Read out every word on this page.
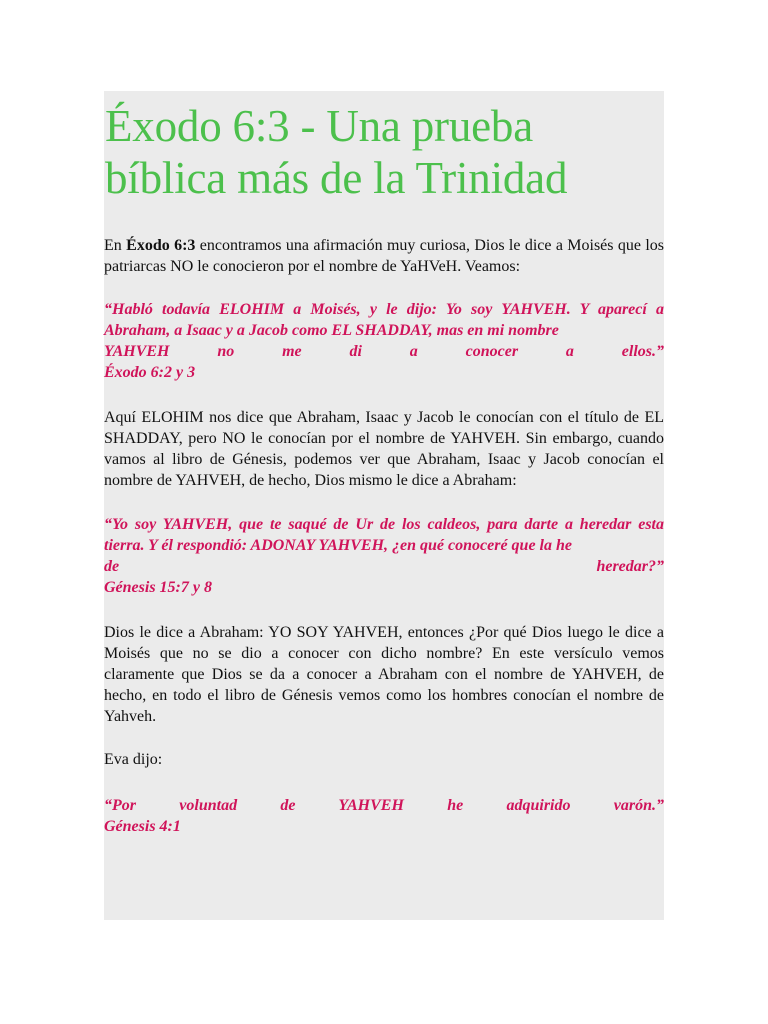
Éxodo 6:3 - Una prueba bíblica más de la Trinidad

En Éxodo 6:3 encontramos una afirmación muy curiosa, Dios le dice a Moisés que los patriarcas NO le conocieron por el nombre de YaHVeH. Veamos:

“Habló todavía ELOHIM a Moisés, y le dijo: Yo soy YAHVEH. Y aparecí a Abraham, a Isaac y a Jacob como EL SHADDAY, mas en mi nombre
YAHVEH no me di a conocer a ellos.”
Éxodo 6:2 y 3

Aquí ELOHIM nos dice que Abraham, Isaac y Jacob le conocían con el título de EL SHADDAY, pero NO le conocían por el nombre de YAHVEH. Sin embargo, cuando vamos al libro de Génesis, podemos ver que Abraham, Isaac y Jacob conocían el nombre de YAHVEH, de hecho, Dios mismo le dice a Abraham:

“Yo soy YAHVEH, que te saqué de Ur de los caldeos, para darte a heredar esta tierra. Y él respondió: ADONAY YAHVEH, ¿en qué conoceré que la he
de heredar?”
Génesis 15:7 y 8

Dios le dice a Abraham: YO SOY YAHVEH, entonces ¿Por qué Dios luego le dice a Moisés que no se dio a conocer con dicho nombre? En este versículo vemos claramente que Dios se da a conocer a Abraham con el nombre de YAHVEH, de hecho, en todo el libro de Génesis vemos como los hombres conocían el nombre de Yahveh.

Eva dijo:

“Por voluntad de YAHVEH he adquirido varón.”
Génesis 4:1
